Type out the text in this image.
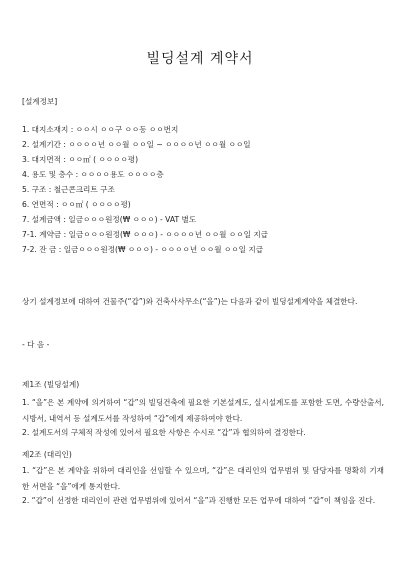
빌딩설계 계약서
[설계정보]
1. 대지소재지 : ㅇㅇ시 ㅇㅇ구 ㅇㅇ동 ㅇㅇ번지
2. 설계기간 : ㅇㅇㅇㅇ년 ㅇㅇ월 ㅇㅇ일 ~ ㅇㅇㅇㅇ년 ㅇㅇ월 ㅇㅇ일
3. 대지면적 : ㅇㅇ㎡ ( ㅇㅇㅇㅇ평)
4. 용도 및 층수 : ㅇㅇㅇㅇ용도 ㅇㅇㅇㅇ층
5. 구조 : 철근콘크리트 구조
6. 연면적 : ㅇㅇ㎡ ( ㅇㅇㅇㅇ평)
7. 설계금액 : 일금ㅇㅇㅇ원정(₩ ㅇㅇㅇ) - VAT 별도
7-1. 계약금 : 일금ㅇㅇㅇ원정(₩ ㅇㅇㅇ) - ㅇㅇㅇㅇ년 ㅇㅇ월 ㅇㅇ일 지급
7-2. 잔 금 : 일금ㅇㅇㅇ원정(₩ ㅇㅇㅇ) - ㅇㅇㅇㅇ년 ㅇㅇ월 ㅇㅇ일 지급
상기 설계정보에 대하여 건물주(“갑”)와 건축사사무소(“을”)는 다음과 같이 빌딩설계계약을 체결한다.
- 다 음 -
제1조 (빌딩설계)
1. “을”은 본 계약에 의거하여 “갑”의 빌딩건축에 필요한 기본설계도, 실시설계도를 포함한 도면, 수량산출서, 시방서, 내역서 등 설계도서를 작성하여 “갑”에게 제공하여야 한다.
2. 설계도서의 구체적 작성에 있어서 필요한 사항은 수시로 “갑”과 협의하여 결정한다.
제2조 (대리인)
1. “갑”은 본 계약을 위하여 대리인을 선임할 수 있으며, “갑”은 대리인의 업무범위 및 담당자를 명확히 기재한 서면을 “을”에게 통지한다.
2. “갑”이 선정한 대리인이 관련 업무범위에 있어서 “을”과 진행한 모든 업무에 대하여 “갑”이 책임을 진다.
